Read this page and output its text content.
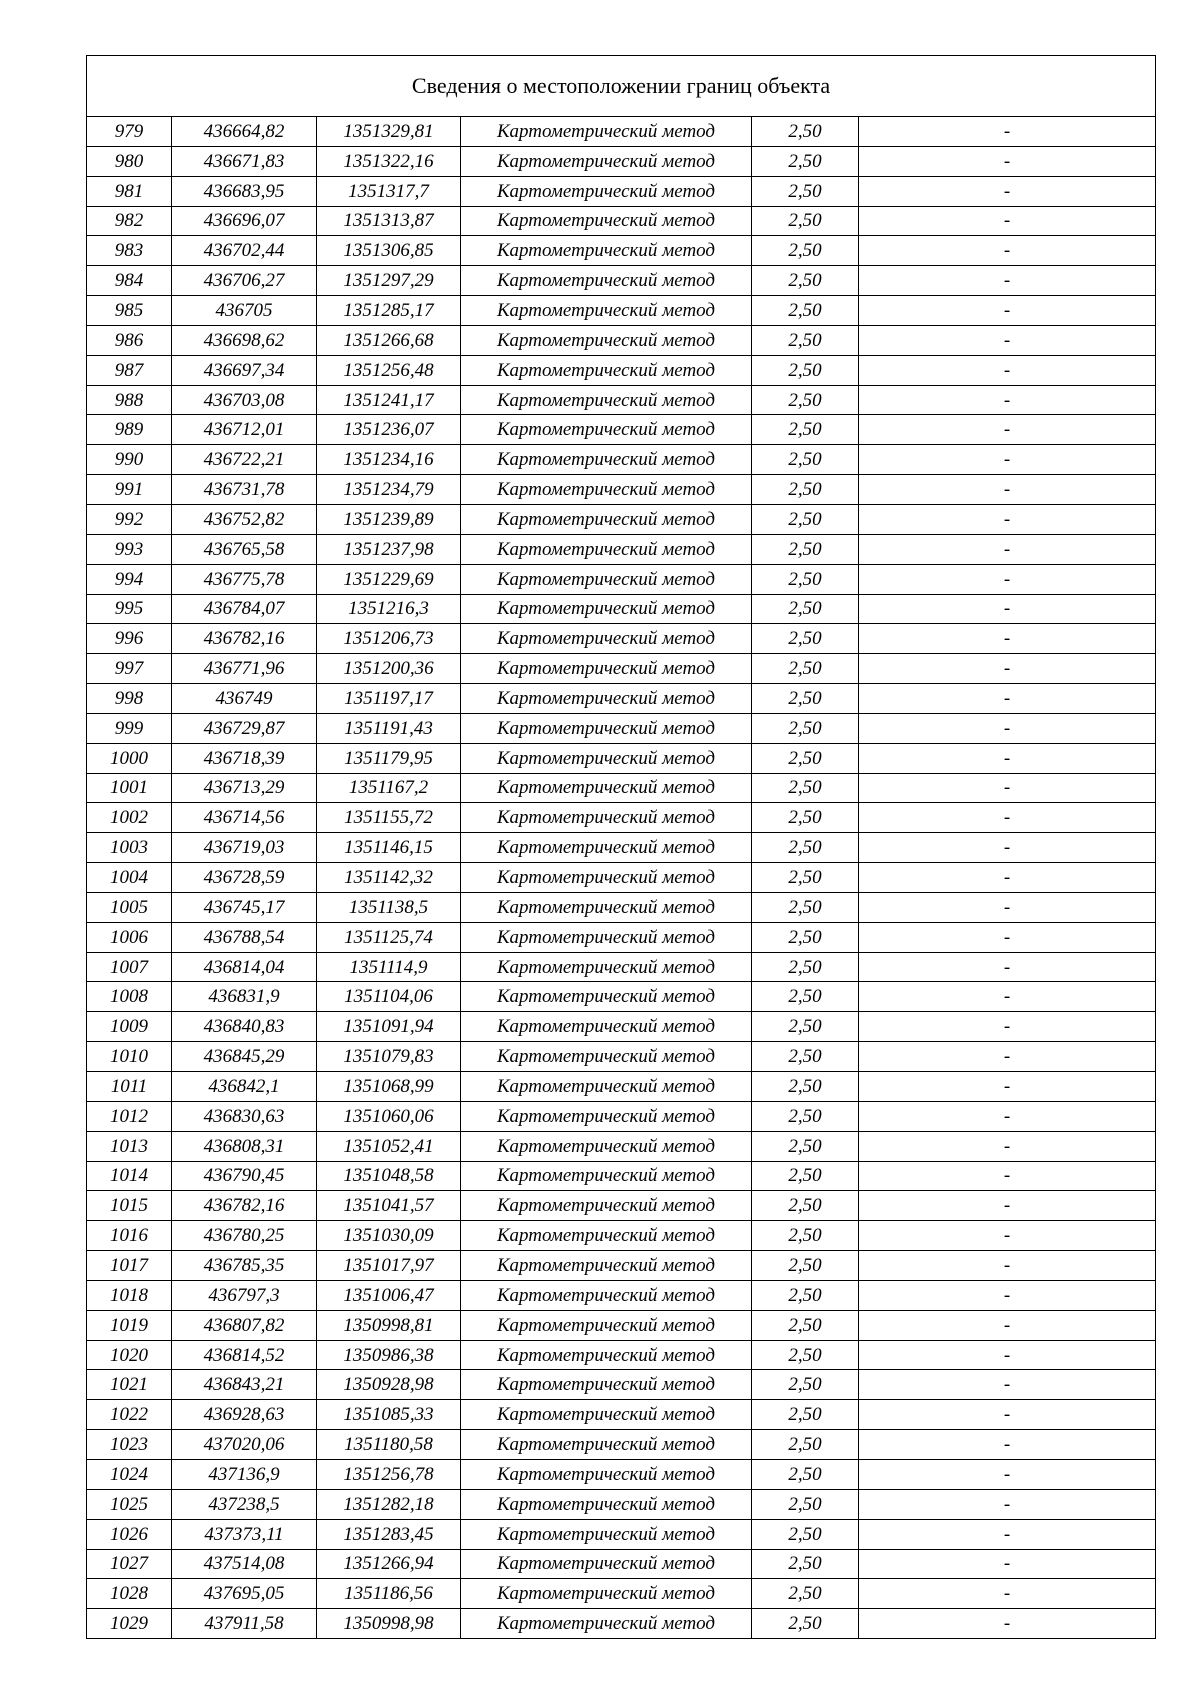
Сведения о местоположении границ объекта					
979	436664,82	1351329,81	Картометрический метод	2,50	-
980	436671,83	1351322,16	Картометрический метод	2,50	-
981	436683,95	1351317,7	Картометрический метод	2,50	-
982	436696,07	1351313,87	Картометрический метод	2,50	-
983	436702,44	1351306,85	Картометрический метод	2,50	-
984	436706,27	1351297,29	Картометрический метод	2,50	-
985	436705	1351285,17	Картометрический метод	2,50	-
986	436698,62	1351266,68	Картометрический метод	2,50	-
987	436697,34	1351256,48	Картометрический метод	2,50	-
988	436703,08	1351241,17	Картометрический метод	2,50	-
989	436712,01	1351236,07	Картометрический метод	2,50	-
990	436722,21	1351234,16	Картометрический метод	2,50	-
991	436731,78	1351234,79	Картометрический метод	2,50	-
992	436752,82	1351239,89	Картометрический метод	2,50	-
993	436765,58	1351237,98	Картометрический метод	2,50	-
994	436775,78	1351229,69	Картометрический метод	2,50	-
995	436784,07	1351216,3	Картометрический метод	2,50	-
996	436782,16	1351206,73	Картометрический метод	2,50	-
997	436771,96	1351200,36	Картометрический метод	2,50	-
998	436749	1351197,17	Картометрический метод	2,50	-
999	436729,87	1351191,43	Картометрический метод	2,50	-
1000	436718,39	1351179,95	Картометрический метод	2,50	-
1001	436713,29	1351167,2	Картометрический метод	2,50	-
1002	436714,56	1351155,72	Картометрический метод	2,50	-
1003	436719,03	1351146,15	Картометрический метод	2,50	-
1004	436728,59	1351142,32	Картометрический метод	2,50	-
1005	436745,17	1351138,5	Картометрический метод	2,50	-
1006	436788,54	1351125,74	Картометрический метод	2,50	-
1007	436814,04	1351114,9	Картометрический метод	2,50	-
1008	436831,9	1351104,06	Картометрический метод	2,50	-
1009	436840,83	1351091,94	Картометрический метод	2,50	-
1010	436845,29	1351079,83	Картометрический метод	2,50	-
1011	436842,1	1351068,99	Картометрический метод	2,50	-
1012	436830,63	1351060,06	Картометрический метод	2,50	-
1013	436808,31	1351052,41	Картометрический метод	2,50	-
1014	436790,45	1351048,58	Картометрический метод	2,50	-
1015	436782,16	1351041,57	Картометрический метод	2,50	-
1016	436780,25	1351030,09	Картометрический метод	2,50	-
1017	436785,35	1351017,97	Картометрический метод	2,50	-
1018	436797,3	1351006,47	Картометрический метод	2,50	-
1019	436807,82	1350998,81	Картометрический метод	2,50	-
1020	436814,52	1350986,38	Картометрический метод	2,50	-
1021	436843,21	1350928,98	Картометрический метод	2,50	-
1022	436928,63	1351085,33	Картометрический метод	2,50	-
1023	437020,06	1351180,58	Картометрический метод	2,50	-
1024	437136,9	1351256,78	Картометрический метод	2,50	-
1025	437238,5	1351282,18	Картометрический метод	2,50	-
1026	437373,11	1351283,45	Картометрический метод	2,50	-
1027	437514,08	1351266,94	Картометрический метод	2,50	-
1028	437695,05	1351186,56	Картометрический метод	2,50	-
1029	437911,58	1350998,98	Картометрический метод	2,50	-
